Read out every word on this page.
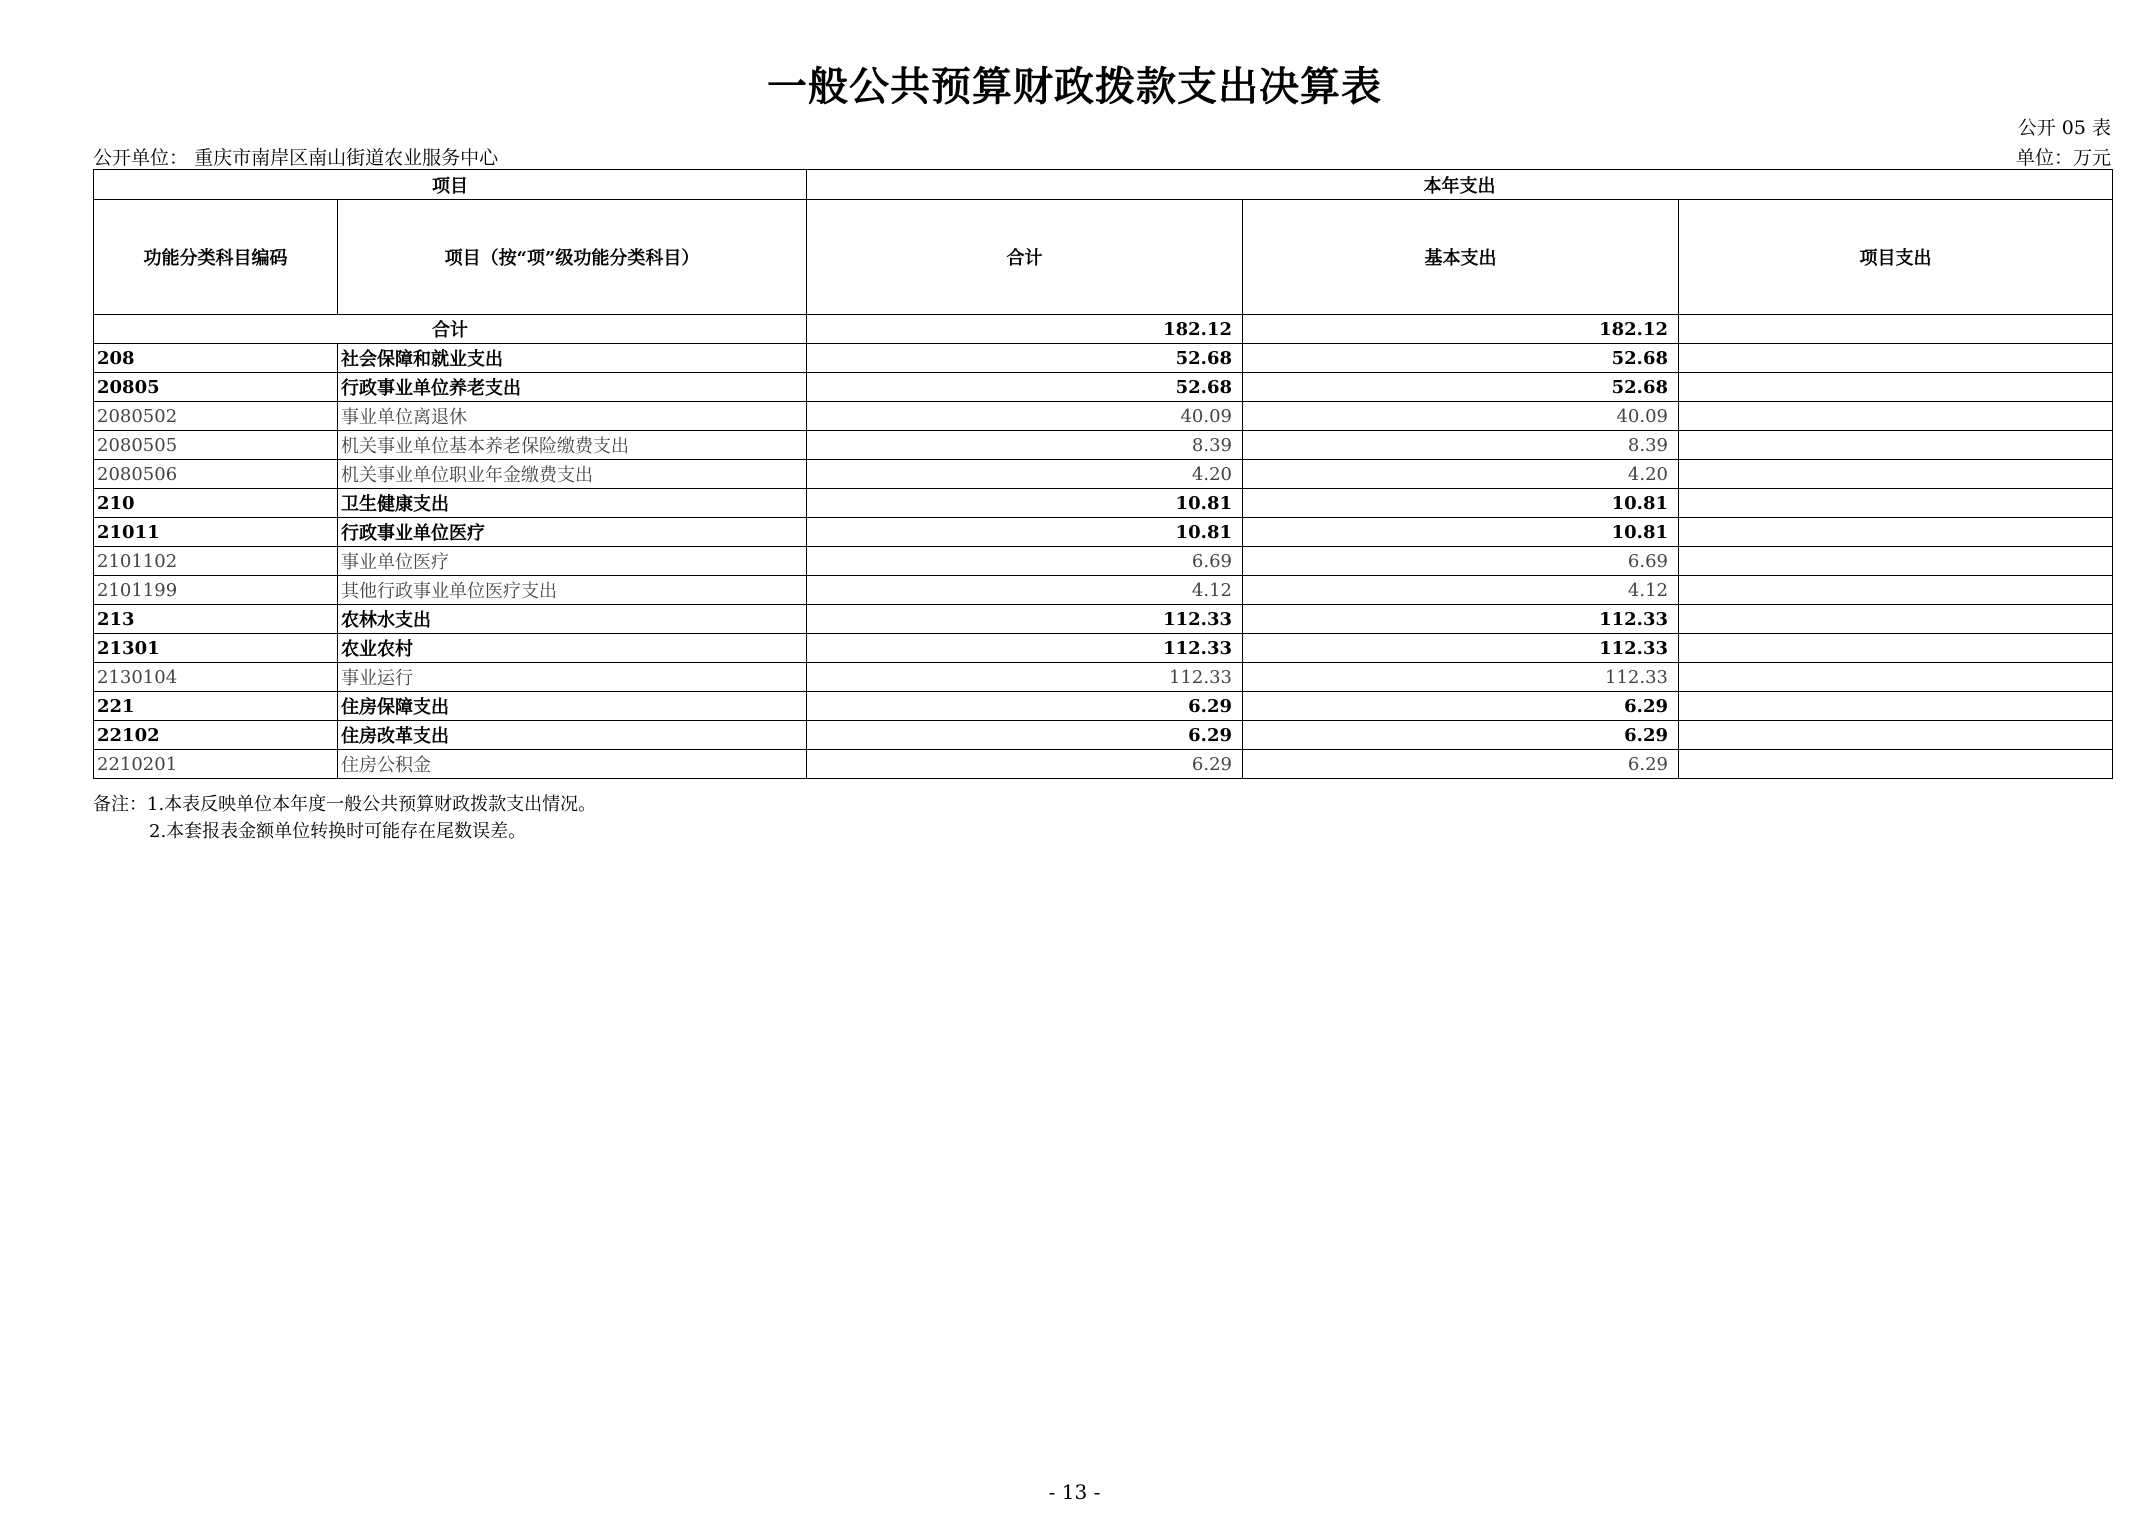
一般公共预算财政拨款支出决算表
公开 05 表
公开单位： 重庆市南岸区南山街道农业服务中心	单位：万元
项目		本年支出		
功能分类科目编码	项目（按“项”级功能分类科目）	合计	基本支出	项目支出
合计		182.12	182.12	
208	社会保障和就业支出	52.68	52.68	
20805	行政事业单位养老支出	52.68	52.68	
2080502	事业单位离退休	40.09	40.09	
2080505	机关事业单位基本养老保险缴费支出	8.39	8.39	
2080506	机关事业单位职业年金缴费支出	4.20	4.20	
210	卫生健康支出	10.81	10.81	
21011	行政事业单位医疗	10.81	10.81	
2101102	事业单位医疗	6.69	6.69	
2101199	其他行政事业单位医疗支出	4.12	4.12	
213	农林水支出	112.33	112.33	
21301	农业农村	112.33	112.33	
2130104	事业运行	112.33	112.33	
221	住房保障支出	6.29	6.29	
22102	住房改革支出	6.29	6.29	
2210201	住房公积金	6.29	6.29	
备注：1.本表反映单位本年度一般公共预算财政拨款支出情况。
2.本套报表金额单位转换时可能存在尾数误差。
- 13 -
